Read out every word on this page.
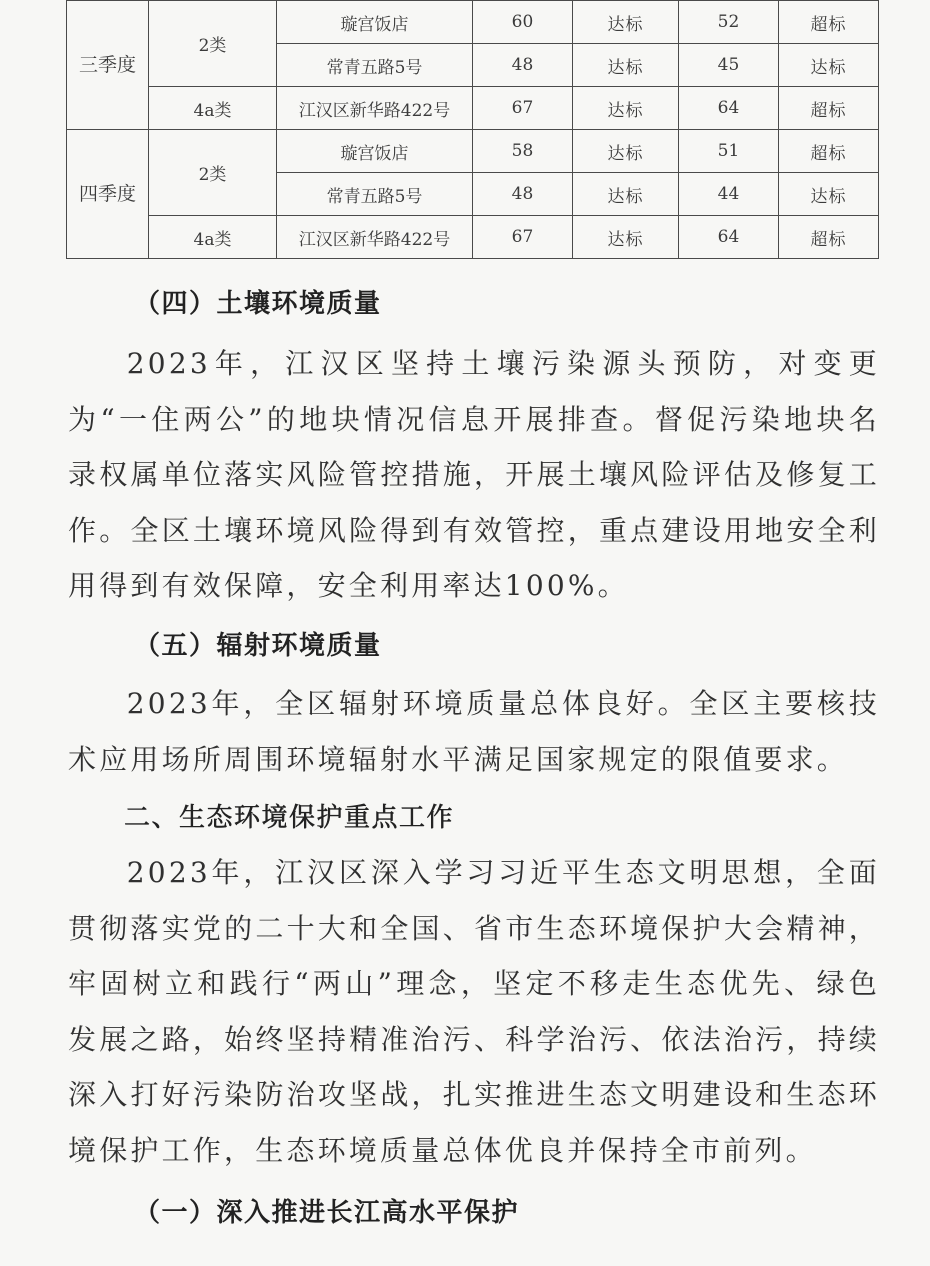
三季度	2类	璇宫饭店	60	达标	52	超标
		常青五路5号	48	达标	45	达标
	4a类	江汉区新华路422号	67	达标	64	超标
四季度	2类	璇宫饭店	58	达标	51	超标
		常青五路5号	48	达标	44	达标
	4a类	江汉区新华路422号	67	达标	64	超标
（四）土壤环境质量

2023年，江汉区坚持土壤污染源头预防，对变更为“一住两公”的地块情况信息开展排查。督促污染地块名录权属单位落实风险管控措施，开展土壤风险评估及修复工作。全区土壤环境风险得到有效管控，重点建设用地安全利用得到有效保障，安全利用率达100%。

（五）辐射环境质量

2023年，全区辐射环境质量总体良好。全区主要核技术应用场所周围环境辐射水平满足国家规定的限值要求。

二、生态环境保护重点工作

2023年，江汉区深入学习习近平生态文明思想，全面贯彻落实党的二十大和全国、省市生态环境保护大会精神，牢固树立和践行“两山”理念，坚定不移走生态优先、绿色发展之路，始终坚持精准治污、科学治污、依法治污，持续深入打好污染防治攻坚战，扎实推进生态文明建设和生态环境保护工作，生态环境质量总体优良并保持全市前列。

（一）深入推进长江高水平保护
